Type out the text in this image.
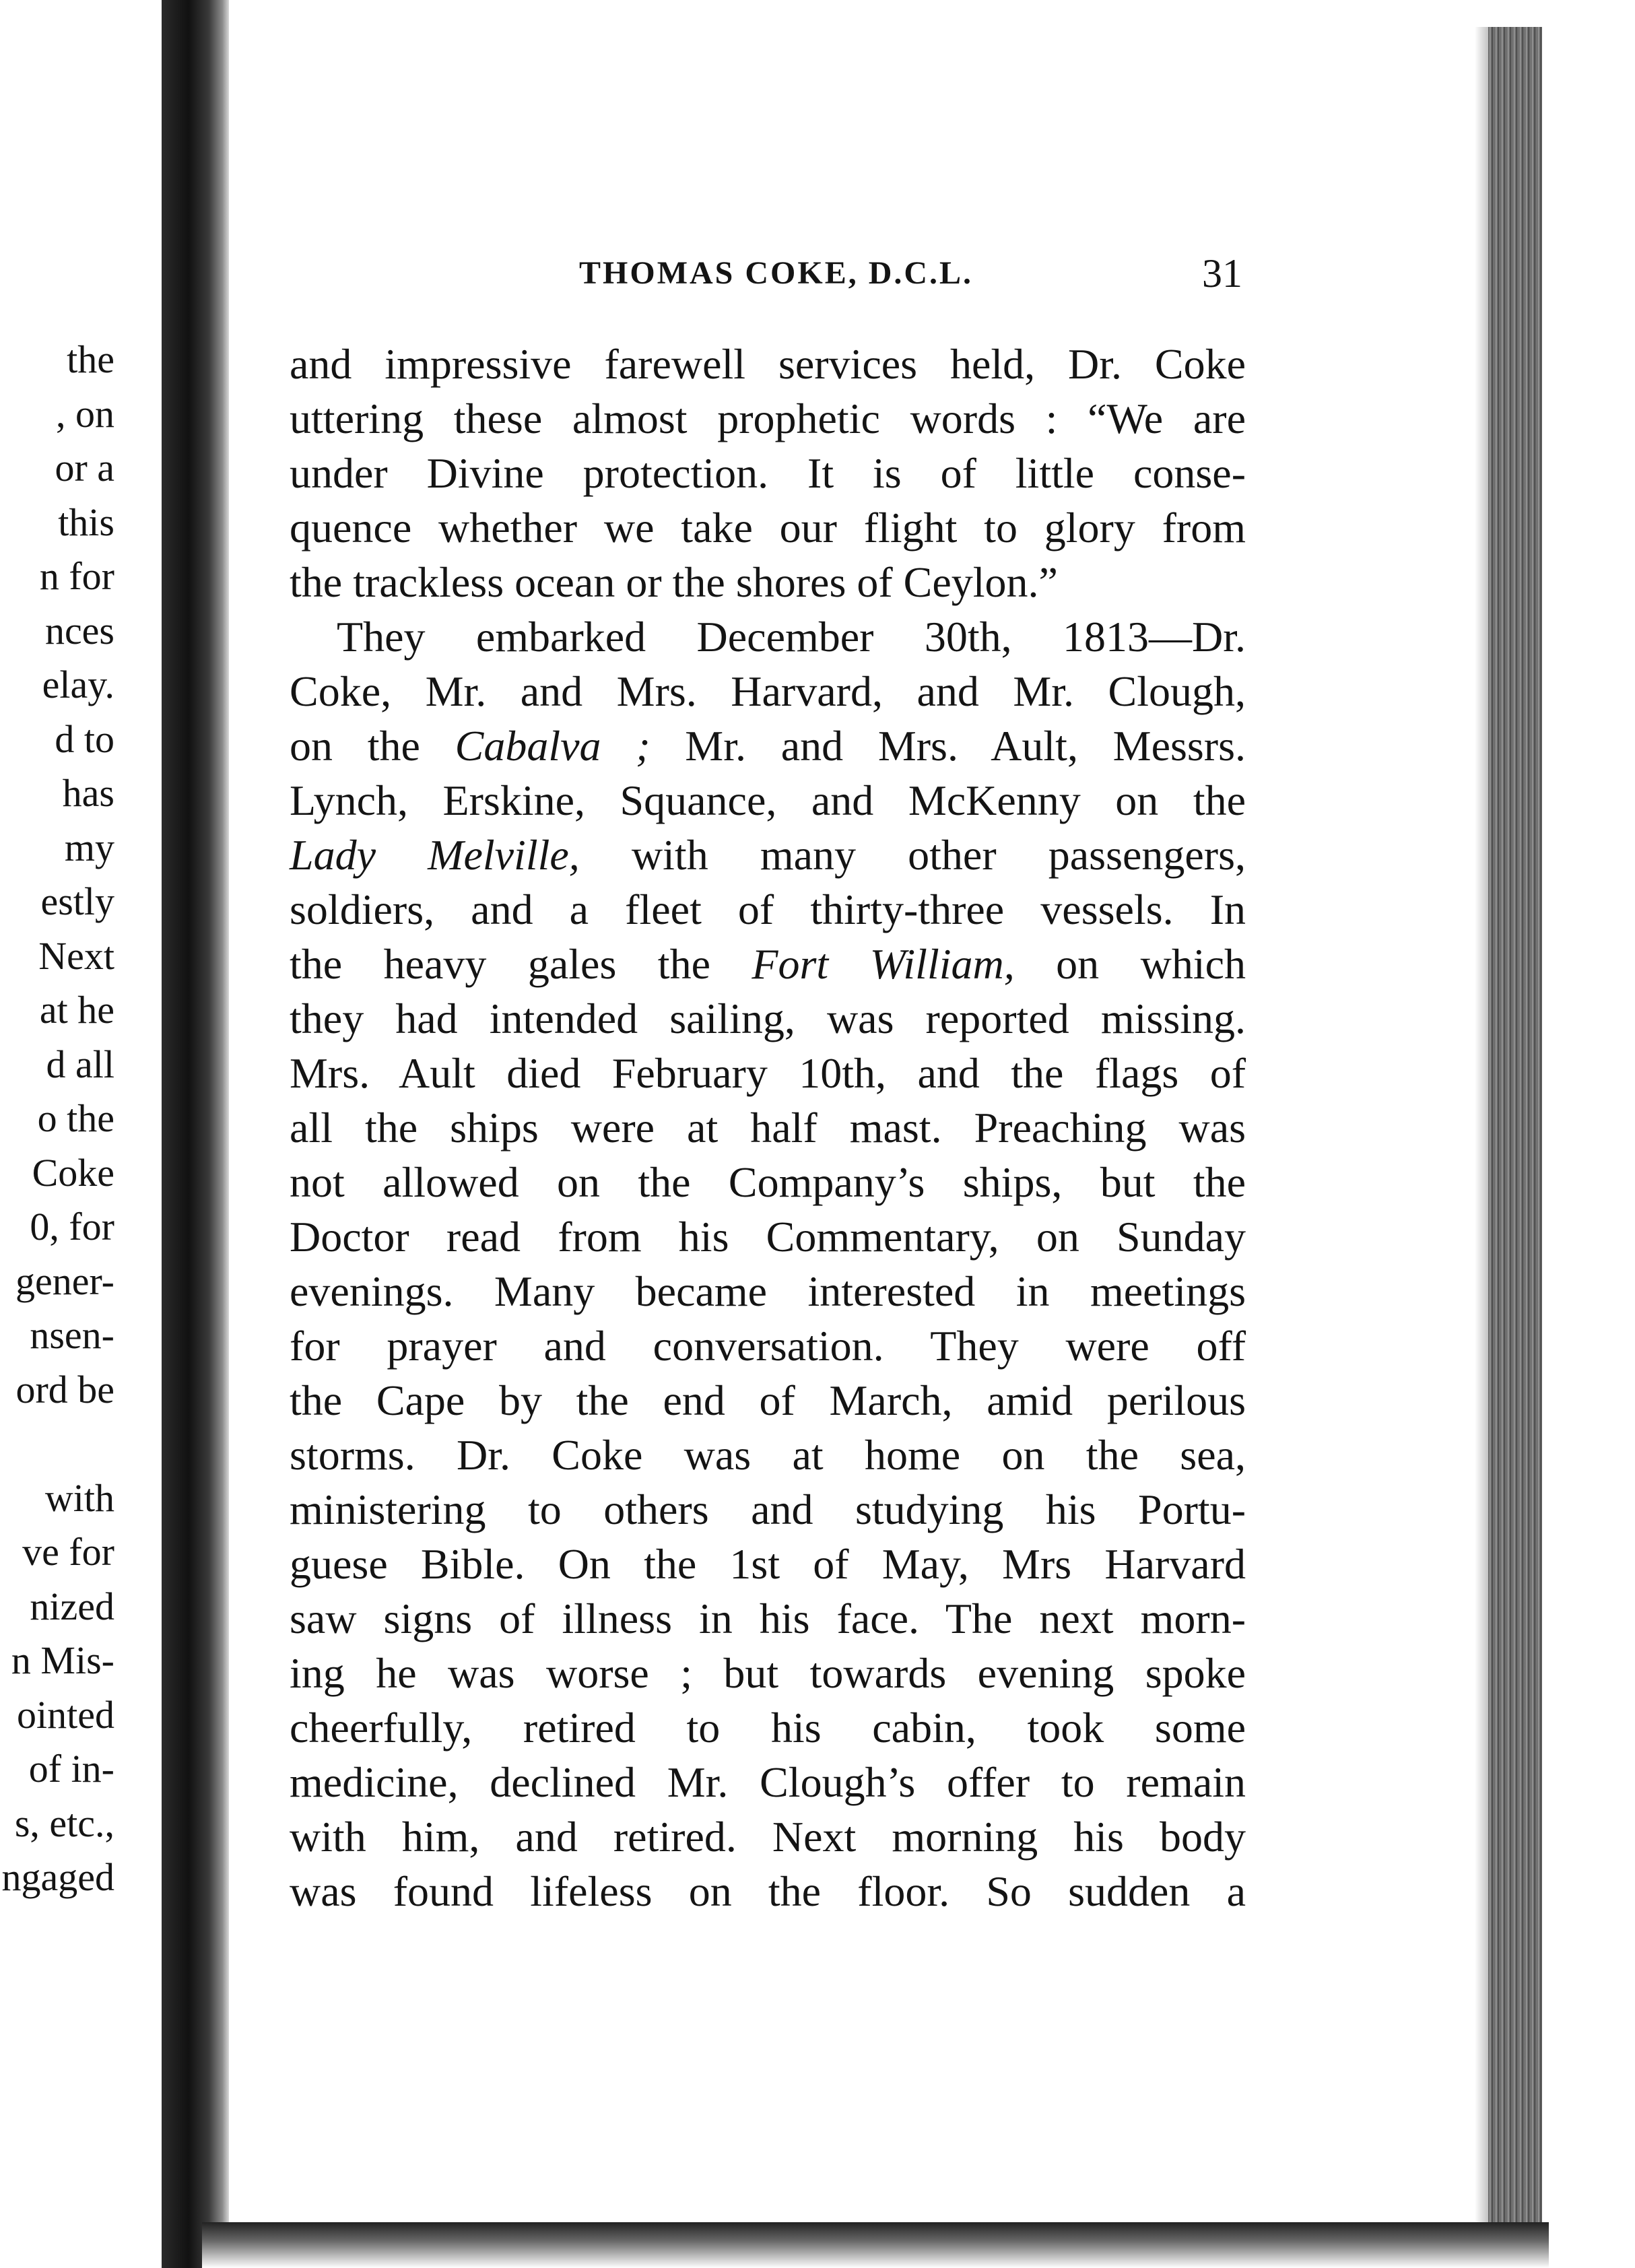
the
, on
or a
this
n for
nces
elay.
d to
has
my
estly
Next
at he
d all
o the
Coke
0, for
gener-
nsen-
ord be
with
ve for
nized
n Mis-
ointed
of in-
s, etc.,
ngaged
THOMAS COKE, D.C.L.	31
and impressive farewell services held, Dr. Coke
uttering these almost prophetic words : “We are
under Divine protection. It is of little conse-
quence whether we take our flight to glory from
the trackless ocean or the shores of Ceylon.”
They embarked December 30th, 1813—Dr.
Coke, Mr. and Mrs. Harvard, and Mr. Clough,
on the Cabalva ; Mr. and Mrs. Ault, Messrs.
Lynch, Erskine, Squance, and McKenny on the
Lady Melville, with many other passengers,
soldiers, and a fleet of thirty-three vessels. In
the heavy gales the Fort William, on which
they had intended sailing, was reported missing.
Mrs. Ault died February 10th, and the flags of
all the ships were at half mast. Preaching was
not allowed on the Company’s ships, but the
Doctor read from his Commentary, on Sunday
evenings. Many became interested in meetings
for prayer and conversation. They were off
the Cape by the end of March, amid perilous
storms. Dr. Coke was at home on the sea,
ministering to others and studying his Portu-
guese Bible. On the 1st of May, Mrs Harvard
saw signs of illness in his face. The next morn-
ing he was worse ; but towards evening spoke
cheerfully, retired to his cabin, took some
medicine, declined Mr. Clough’s offer to remain
with him, and retired. Next morning his body
was found lifeless on the floor. So sudden a
